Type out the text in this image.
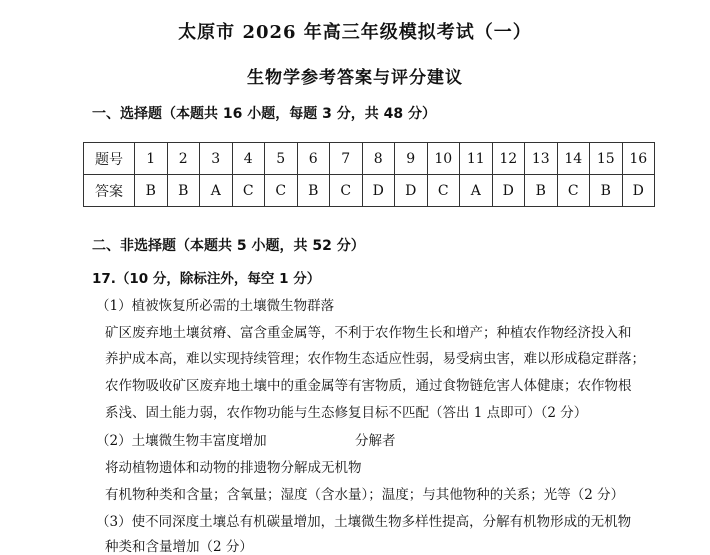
太原市 2026 年高三年级模拟考试（一）
生物学参考答案与评分建议
一、选择题（本题共 16 小题，每题 3 分，共 48 分）
题号	1	2	3	4	5	6	7	8	9	10	11	12	13	14	15	16
答案	B	B	A	C	C	B	C	D	D	C	A	D	B	C	B	D
二、非选择题（本题共 5 小题，共 52 分）
17.（10 分，除标注外，每空 1 分）
（1）植被恢复所必需的土壤微生物群落
矿区废弃地土壤贫瘠、富含重金属等，不利于农作物生长和增产；种植农作物经济投入和
养护成本高，难以实现持续管理；农作物生态适应性弱，易受病虫害，难以形成稳定群落；
农作物吸收矿区废弃地土壤中的重金属等有害物质，通过食物链危害人体健康；农作物根
系浅、固土能力弱，农作物功能与生态修复目标不匹配（答出 1 点即可）（2 分）
（2）土壤微生物丰富度增加	分解者
将动植物遗体和动物的排遗物分解成无机物
有机物种类和含量；含氧量；湿度（含水量）；温度；与其他物种的关系；光等（2 分）
（3）使不同深度土壤总有机碳量增加，土壤微生物多样性提高，分解有机物形成的无机物
种类和含量增加（2 分）
